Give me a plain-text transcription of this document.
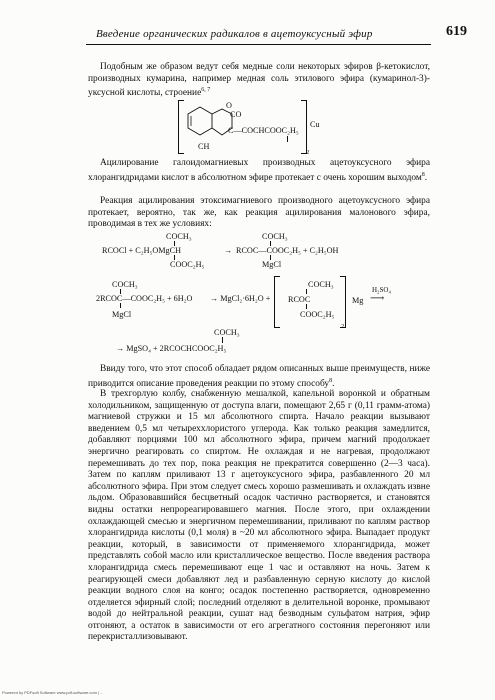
Введение органических радикалов в ацетоуксусный эфир	619
Подобным же образом ведут себя медные соли некоторых эфиров β-кетокислот, производных кумарина, например медная соль этилового эфира (кумаринол-3)-уксусной кислоты, строение$^{6, 7}$
CO
O
C—COCHCOOC₂H₅
CH
Cu
2
Ацилирование галоидомагниевых производных ацетоуксусного эфира хлорангидридами кислот в абсолютном эфире протекает с очень хорошим выходом$^8$.
Реакция ацилирования этоксимагниевого производного ацетоуксусного эфира протекает, вероятно, так же, как реакция ацилирования малонового эфира, проводимая в тех же условиях:
COCH₃
RCOCl + C₂H₅OMgCH
COOC₂H₅
→
COCH₃
RCOC—COOC₂H₅ + C₂H₅OH
MgCl
COCH₃
2RCOC—COOC₂H₅ + 6H₂O
MgCl
→ MgCl₂·6H₂O +
COCH₃
RCOC
COOC₂H₅
2
Mg
H₂SO₄
⟶
COCH₃
→ MgSO₄ + 2RCOCHCOOC₂H₅
Ввиду того, что этот способ обладает рядом описанных выше преимуществ, ниже приводится описание проведения реакции по этому способу$^8$.
В трехгорлую колбу, снабженную мешалкой, капельной воронкой и обратным холодильником, защищенную от доступа влаги, помещают 2,65 г (0,11 грамм-атома) магниевой стружки и 15 мл абсолютного спирта. Начало реакции вызывают введением 0,5 мл четыреххлористого углерода. Как только реакция замедлится, добавляют порциями 100 мл абсолютного эфира, причем магний продолжает энергично реагировать со спиртом. Не охлаждая и не нагревая, продолжают перемешивать до тех пор, пока реакция не прекратится совершенно (2—3 часа). Затем по каплям приливают 13 г ацетоуксусного эфира, разбавленного 20 мл абсолютного эфира. При этом следует смесь хорошо размешивать и охлаждать извне льдом. Образовавшийся бесцветный осадок частично растворяется, и становятся видны остатки непрореагировавшего магния. После этого, при охлаждении охлаждающей смесью и энергичном перемешивании, приливают по каплям раствор хлорангидрида кислоты (0,1 моля) в ~20 мл абсолютного эфира. Выпадает продукт реакции, который, в зависимости от применяемого хлорангидрида, может представлять собой масло или кристаллическое вещество. После введения раствора хлорангидрида смесь перемешивают еще 1 час и оставляют на ночь. Затем к реагирующей смеси добавляют лед и разбавленную серную кислоту до кислой реакции водного слоя на конго; осадок постепенно растворяется, одновременно отделяется эфирный слой; последний отделяют в делительной воронке, промывают водой до нейтральной реакции, сушат над безводным сульфатом натрия, эфир отгоняют, а остаток в зависимости от его агрегатного состояния перегоняют или перекристаллизовывают.
Powered by PDFsoft Software www.pdf-software.com | ...
